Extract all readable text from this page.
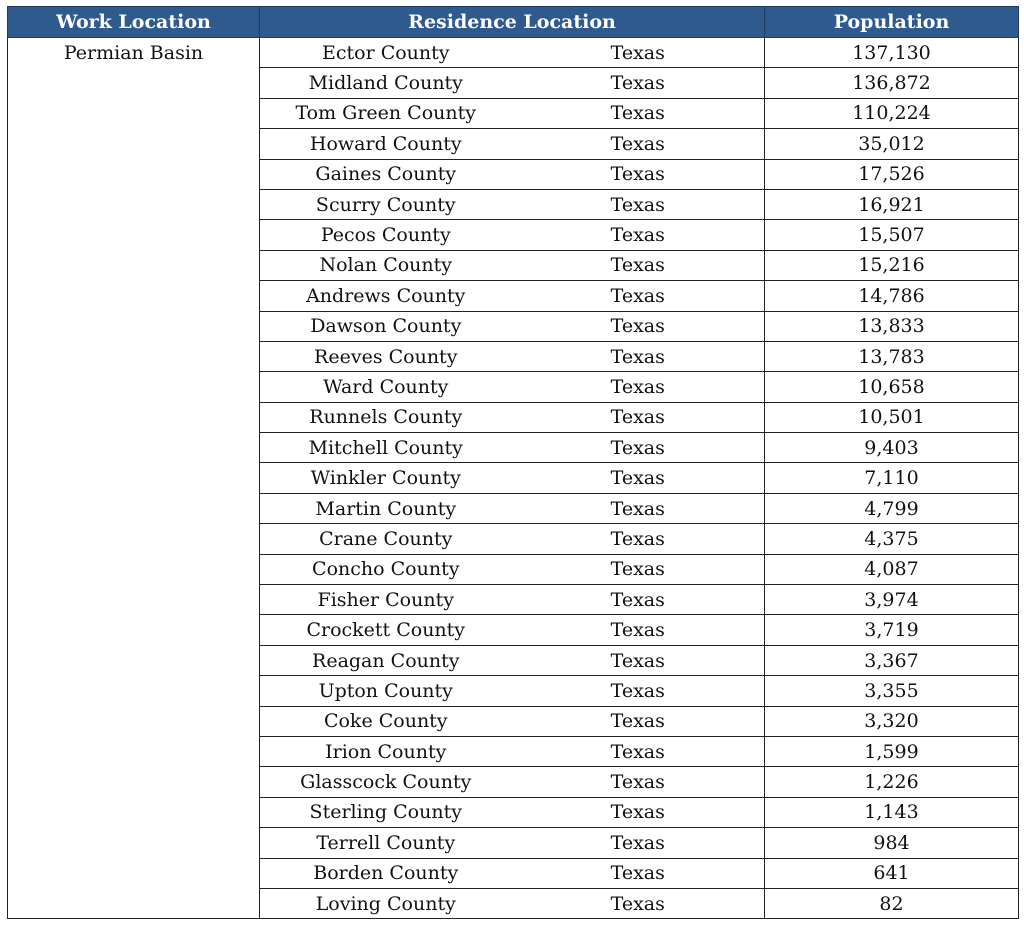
Work Location	Residence Location		Population
Permian Basin	Ector County	Texas	137,130
	Midland County	Texas	136,872
	Tom Green County	Texas	110,224
	Howard County	Texas	35,012
	Gaines County	Texas	17,526
	Scurry County	Texas	16,921
	Pecos County	Texas	15,507
	Nolan County	Texas	15,216
	Andrews County	Texas	14,786
	Dawson County	Texas	13,833
	Reeves County	Texas	13,783
	Ward County	Texas	10,658
	Runnels County	Texas	10,501
	Mitchell County	Texas	9,403
	Winkler County	Texas	7,110
	Martin County	Texas	4,799
	Crane County	Texas	4,375
	Concho County	Texas	4,087
	Fisher County	Texas	3,974
	Crockett County	Texas	3,719
	Reagan County	Texas	3,367
	Upton County	Texas	3,355
	Coke County	Texas	3,320
	Irion County	Texas	1,599
	Glasscock County	Texas	1,226
	Sterling County	Texas	1,143
	Terrell County	Texas	984
	Borden County	Texas	641
	Loving County	Texas	82
